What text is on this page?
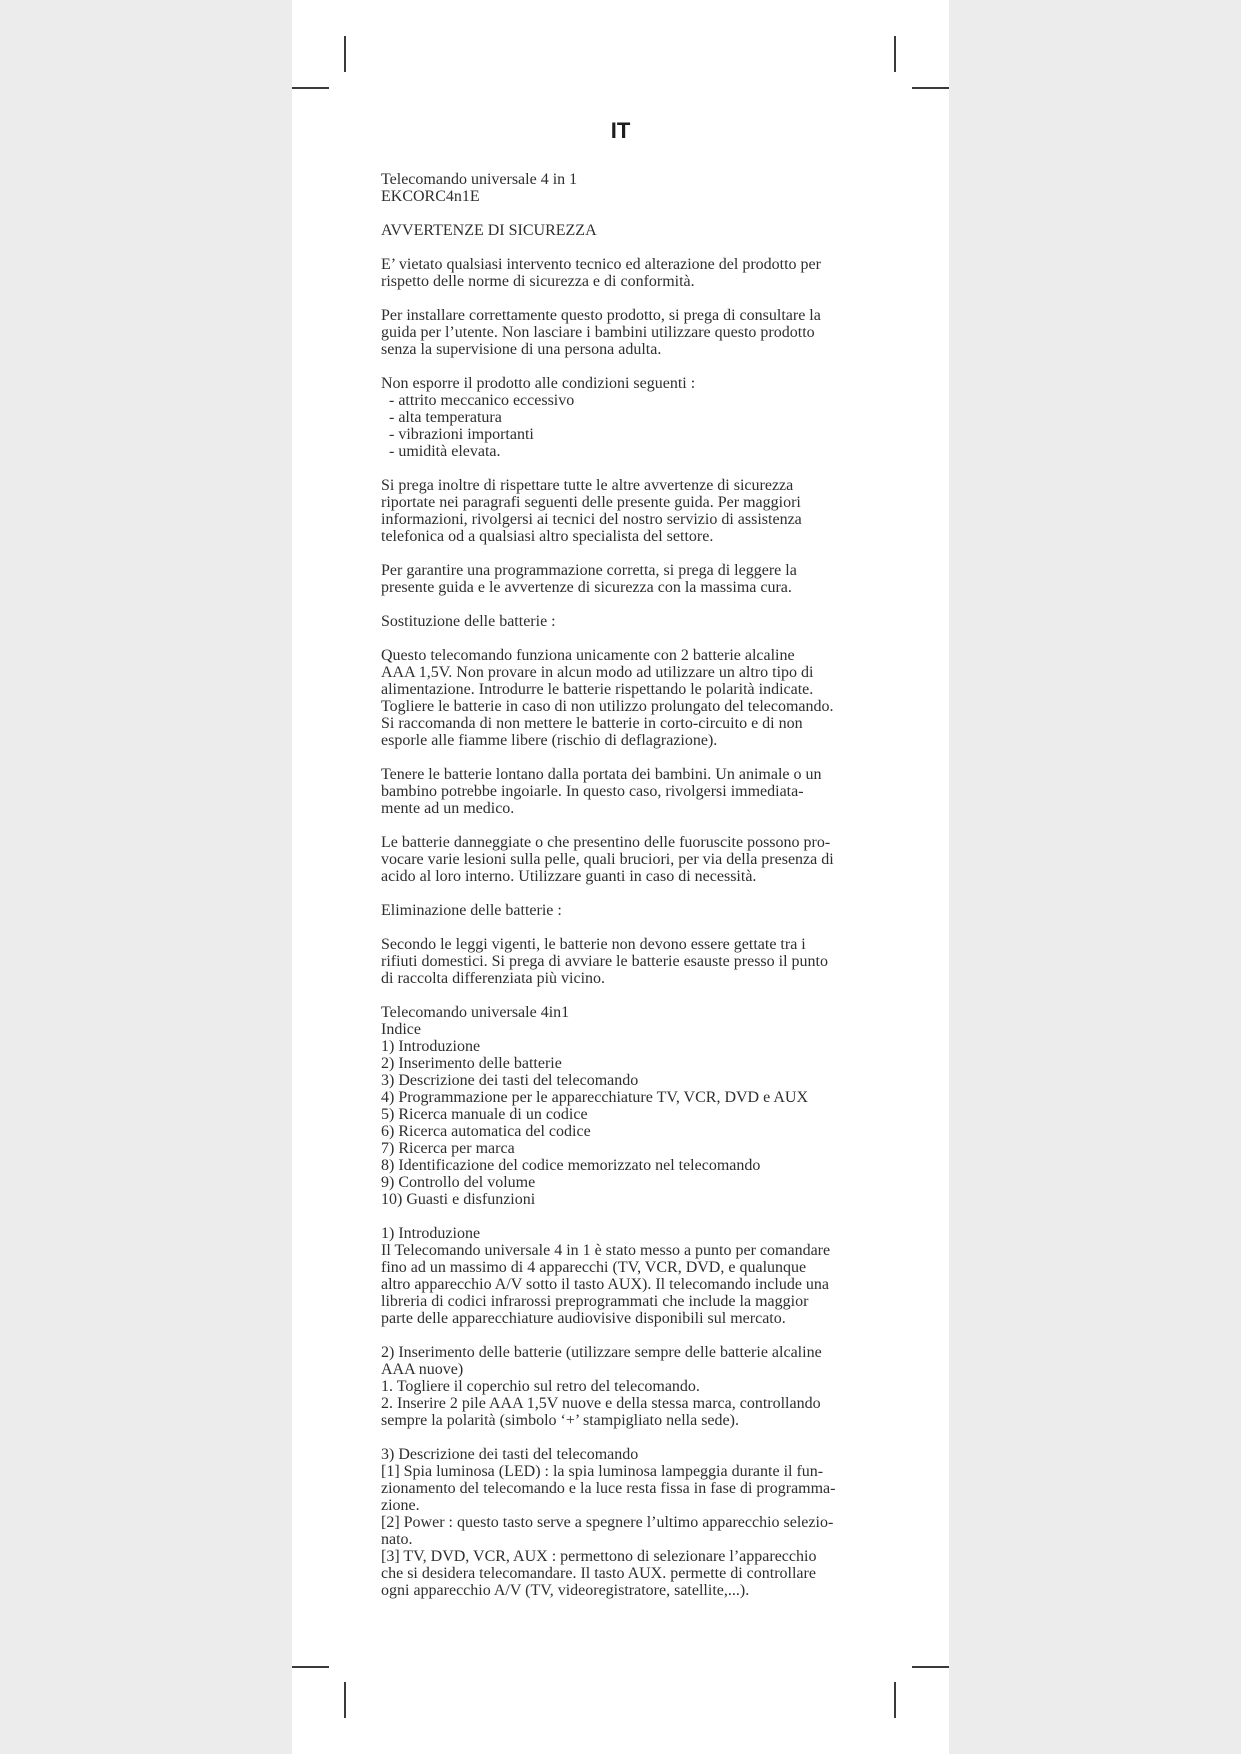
IT
Telecomando universale 4 in 1
EKCORC4n1E
AVVERTENZE DI SICUREZZA
E’ vietato qualsiasi intervento tecnico ed alterazione del prodotto per
rispetto delle norme di sicurezza e di conformità.
Per installare correttamente questo prodotto, si prega di consultare la
guida per l’utente. Non lasciare i bambini utilizzare questo prodotto
senza la supervisione di una persona adulta.
Non esporre il prodotto alle condizioni seguenti :
- attrito meccanico eccessivo
- alta temperatura
- vibrazioni importanti
- umidità elevata.
Si prega inoltre di rispettare tutte le altre avvertenze di sicurezza
riportate nei paragrafi seguenti delle presente guida. Per maggiori
informazioni, rivolgersi ai tecnici del nostro servizio di assistenza
telefonica od a qualsiasi altro specialista del settore.
Per garantire una programmazione corretta, si prega di leggere la
presente guida e le avvertenze di sicurezza con la massima cura.
Sostituzione delle batterie :
Questo telecomando funziona unicamente con 2 batterie alcaline
AAA 1,5V. Non provare in alcun modo ad utilizzare un altro tipo di
alimentazione. Introdurre le batterie rispettando le polarità indicate.
Togliere le batterie in caso di non utilizzo prolungato del telecomando.
Si raccomanda di non mettere le batterie in corto-circuito e di non
esporle alle fiamme libere (rischio di deflagrazione).
Tenere le batterie lontano dalla portata dei bambini. Un animale o un
bambino potrebbe ingoiarle. In questo caso, rivolgersi immediata-
mente ad un medico.
Le batterie danneggiate o che presentino delle fuoruscite possono pro-
vocare varie lesioni sulla pelle, quali bruciori, per via della presenza di
acido al loro interno. Utilizzare guanti in caso di necessità.
Eliminazione delle batterie :
Secondo le leggi vigenti, le batterie non devono essere gettate tra i
rifiuti domestici. Si prega di avviare le batterie esauste presso il punto
di raccolta differenziata più vicino.
Telecomando universale 4in1
Indice
1) Introduzione
2) Inserimento delle batterie
3) Descrizione dei tasti del telecomando
4) Programmazione per le apparecchiature TV, VCR, DVD e AUX
5) Ricerca manuale di un codice
6) Ricerca automatica del codice
7) Ricerca per marca
8) Identificazione del codice memorizzato nel telecomando
9) Controllo del volume
10) Guasti e disfunzioni
1) Introduzione
Il Telecomando universale 4 in 1 è stato messo a punto per comandare
fino ad un massimo di 4 apparecchi (TV, VCR, DVD, e qualunque
altro apparecchio A/V sotto il tasto AUX). Il telecomando include una
libreria di codici infrarossi preprogrammati che include la maggior
parte delle apparecchiature audiovisive disponibili sul mercato.
2) Inserimento delle batterie (utilizzare sempre delle batterie alcaline
AAA nuove)
1. Togliere il coperchio sul retro del telecomando.
2. Inserire 2 pile AAA 1,5V nuove e della stessa marca, controllando
sempre la polarità (simbolo ‘+’ stampigliato nella sede).
3) Descrizione dei tasti del telecomando
[1] Spia luminosa (LED) : la spia luminosa lampeggia durante il fun-
zionamento del telecomando e la luce resta fissa in fase di programma-
zione.
[2] Power : questo tasto serve a spegnere l’ultimo apparecchio selezio-
nato.
[3] TV, DVD, VCR, AUX : permettono di selezionare l’apparecchio
che si desidera telecomandare. Il tasto AUX. permette di controllare
ogni apparecchio A/V (TV, videoregistratore, satellite,...).
